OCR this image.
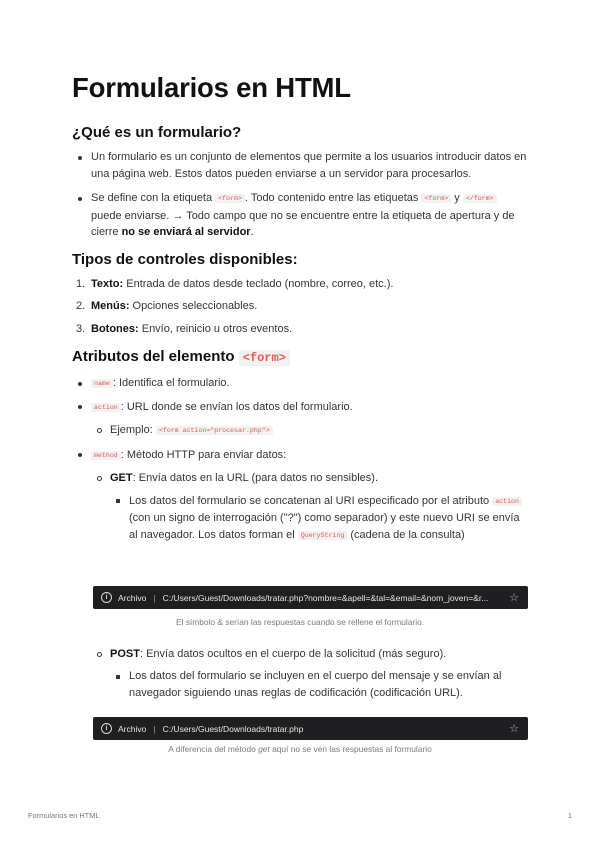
Formularios en HTML
¿Qué es un formulario?
Un formulario es un conjunto de elementos que permite a los usuarios introducir datos en una página web. Estos datos pueden enviarse a un servidor para procesarlos.
Se define con la etiqueta <form> . Todo contenido entre las etiquetas <form> y </form> puede enviarse. → Todo campo que no se encuentre entre la etiqueta de apertura y de cierre no se enviará al servidor.
Tipos de controles disponibles:
1. Texto: Entrada de datos desde teclado (nombre, correo, etc.).
2. Menús: Opciones seleccionables.
3. Botones: Envío, reinicio u otros eventos.
Atributos del elemento <form>
name : Identifica el formulario.
action : URL donde se envían los datos del formulario.
Ejemplo: <form action="procesar.php">
method : Método HTTP para enviar datos:
GET: Envía datos en la URL (para datos no sensibles).
Los datos del formulario se concatenan al URI especificado por el atributo action (con un signo de interrogación ("?") como separador) y este nuevo URI se envía al navegador. Los datos forman el QueryString (cadena de la consulta)
i	Archivo | C:/Users/Guest/Downloads/tratar.php?nombre=&apell=&tal=&email=&nom_joven=&r...	☆
El símbolo & serían las respuestas cuando se rellene el formulario.
POST: Envía datos ocultos en el cuerpo de la solicitud (más seguro).
Los datos del formulario se incluyen en el cuerpo del mensaje y se envían al navegador siguiendo unas reglas de codificación (codificación URL).
i	Archivo | C:/Users/Guest/Downloads/tratar.php	☆
A diferencia del método get aquí no se ven las respuestas al formulario
Formularios en HTML	1
